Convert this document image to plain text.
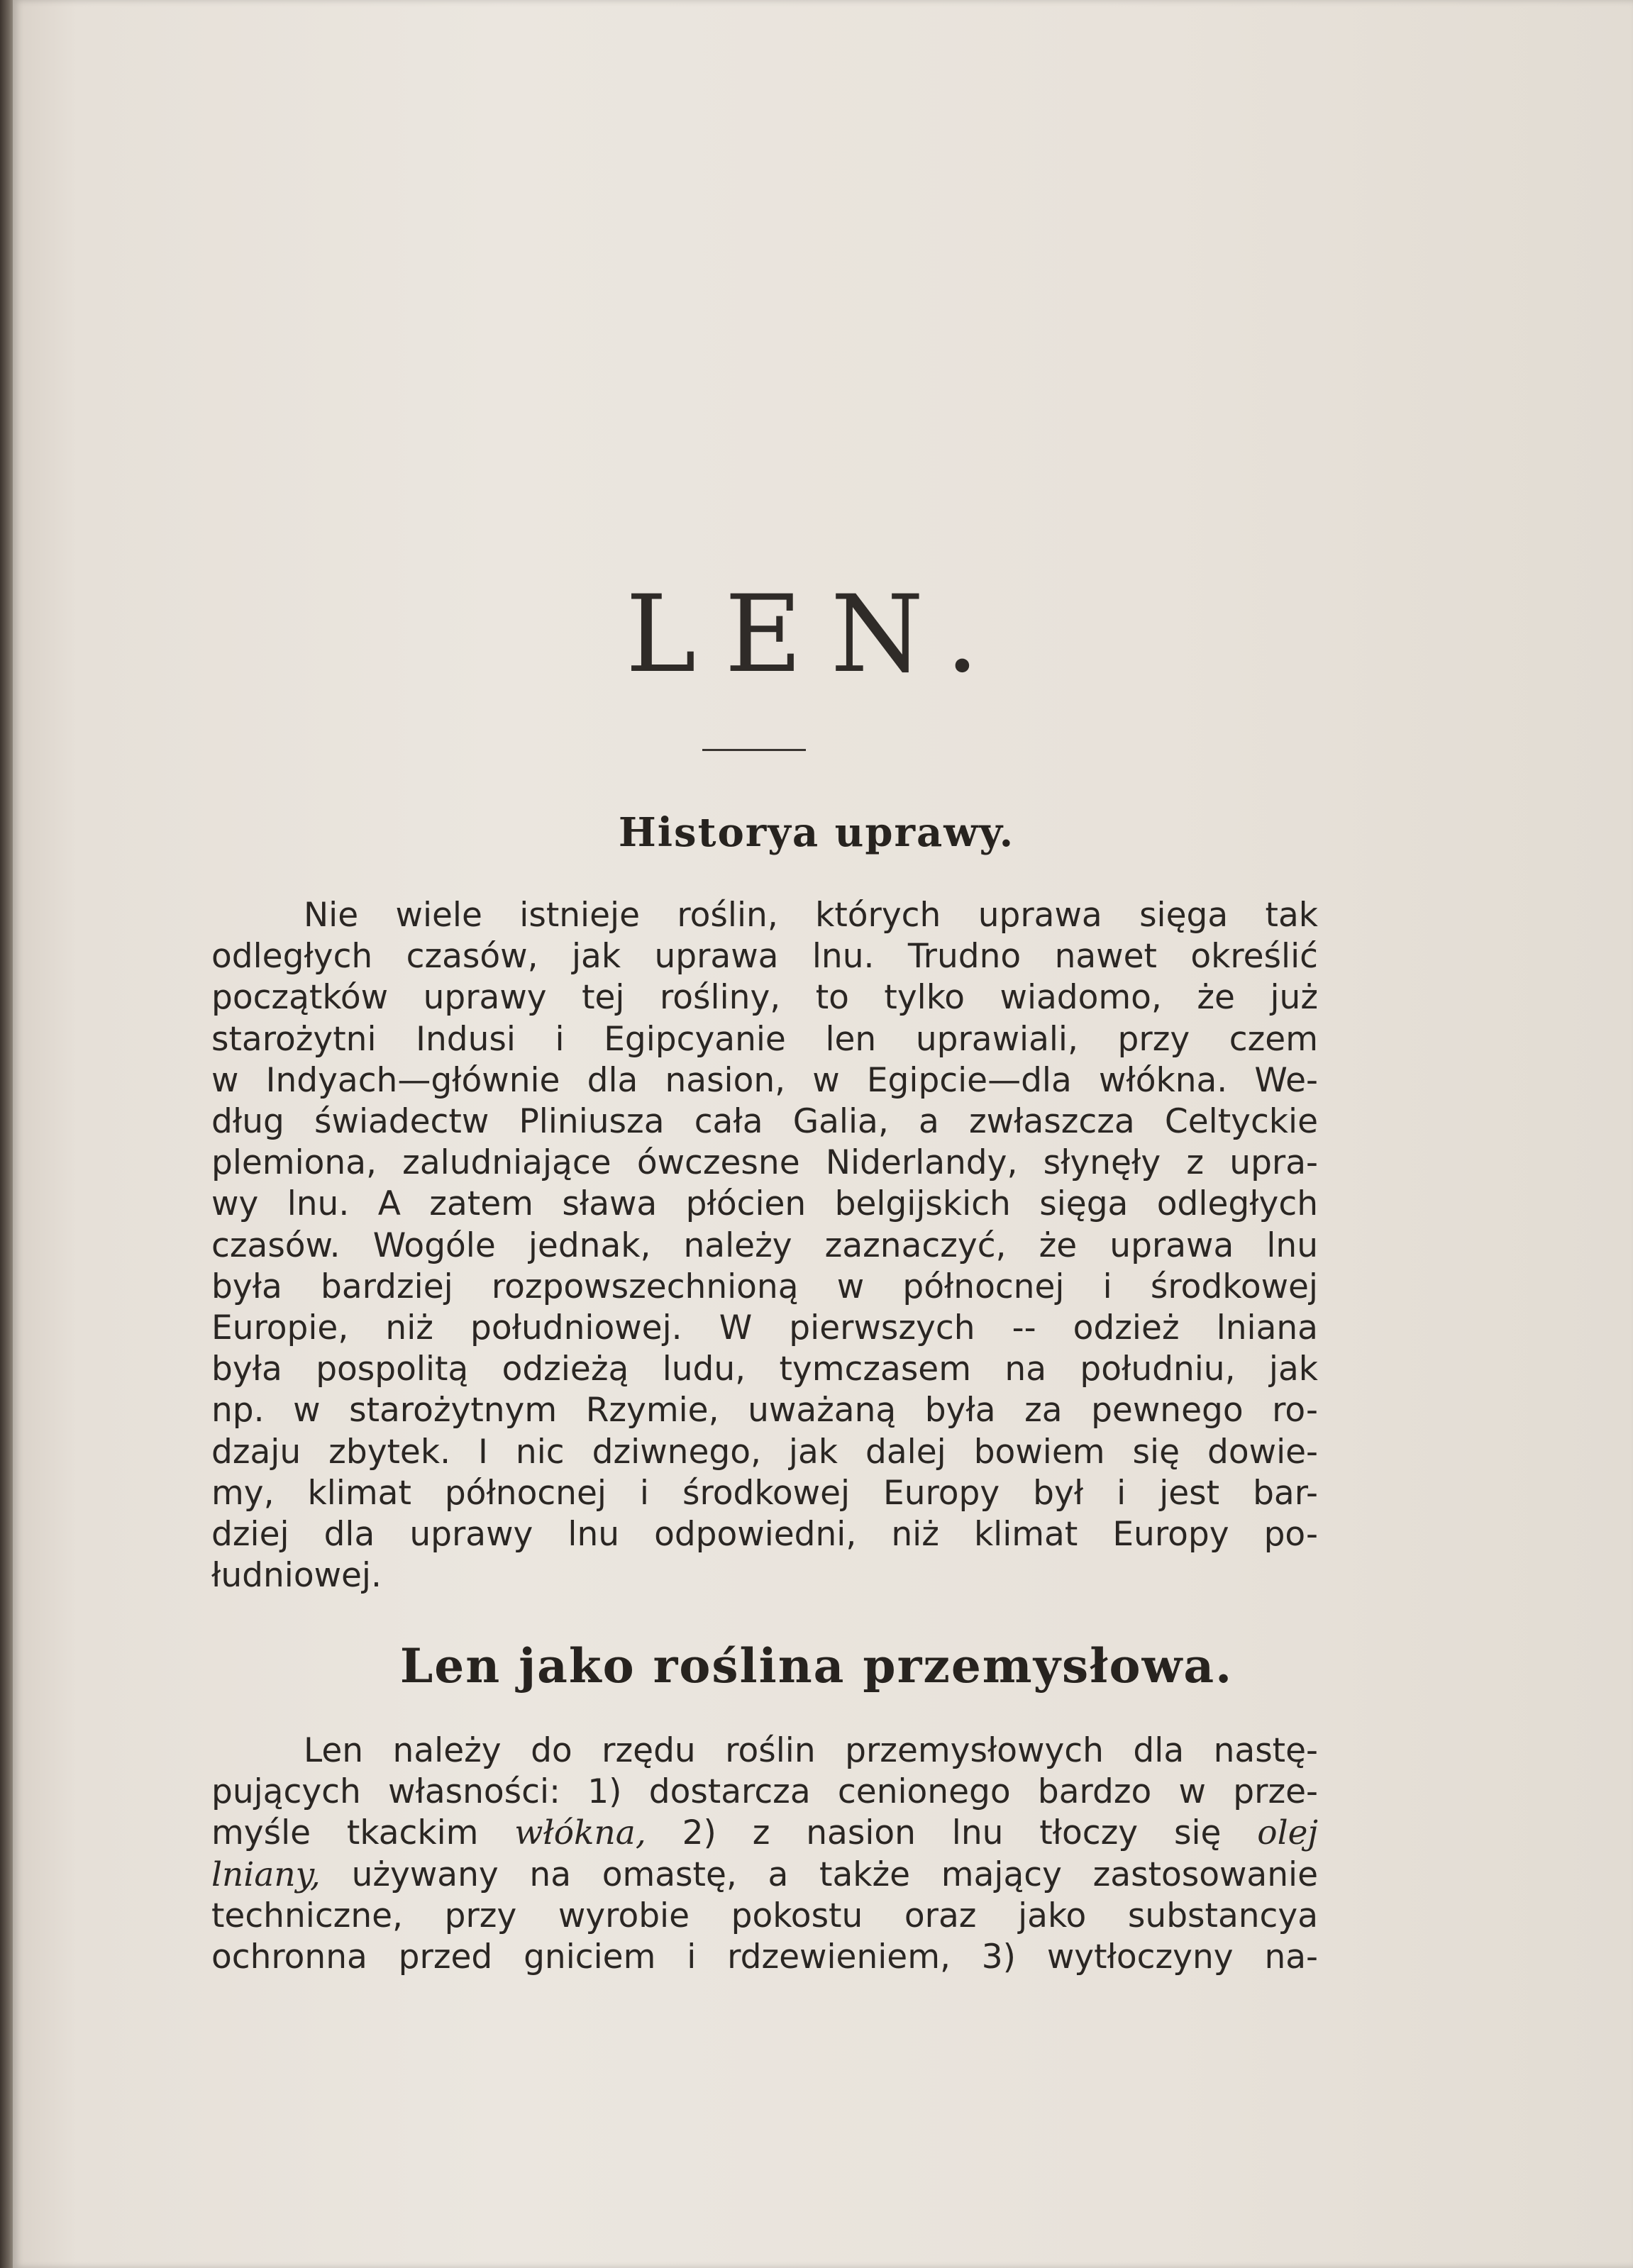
LEN.
Historya uprawy.
Nie wiele istnieje roślin, których uprawa sięga tak
odległych czasów, jak uprawa lnu. Trudno nawet określić
początków uprawy tej rośliny, to tylko wiadomo, że już
starożytni Indusi i Egipcyanie len uprawiali, przy czem
w Indyach—głównie dla nasion, w Egipcie—dla włókna. We-
dług świadectw Pliniusza cała Galia, a zwłaszcza Celtyckie
plemiona, zaludniające ówczesne Niderlandy, słynęły z upra-
wy lnu. A zatem sława płócien belgijskich sięga odległych
czasów. Wogóle jednak, należy zaznaczyć, że uprawa lnu
była bardziej rozpowszechnioną w północnej i środkowej
Europie, niż południowej. W pierwszych -- odzież lniana
była pospolitą odzieżą ludu, tymczasem na południu, jak
np. w starożytnym Rzymie, uważaną była za pewnego ro-
dzaju zbytek. I nic dziwnego, jak dalej bowiem się dowie-
my, klimat północnej i środkowej Europy był i jest bar-
dziej dla uprawy lnu odpowiedni, niż klimat Europy po-
łudniowej.
Len jako roślina przemysłowa.
Len należy do rzędu roślin przemysłowych dla nastę-
pujących własności: 1) dostarcza cenionego bardzo w prze-
myśle tkackim włókna, 2) z nasion lnu tłoczy się olej
lniany, używany na omastę, a także mający zastosowanie
techniczne, przy wyrobie pokostu oraz jako substancya
ochronna przed gniciem i rdzewieniem, 3) wytłoczyny na-
